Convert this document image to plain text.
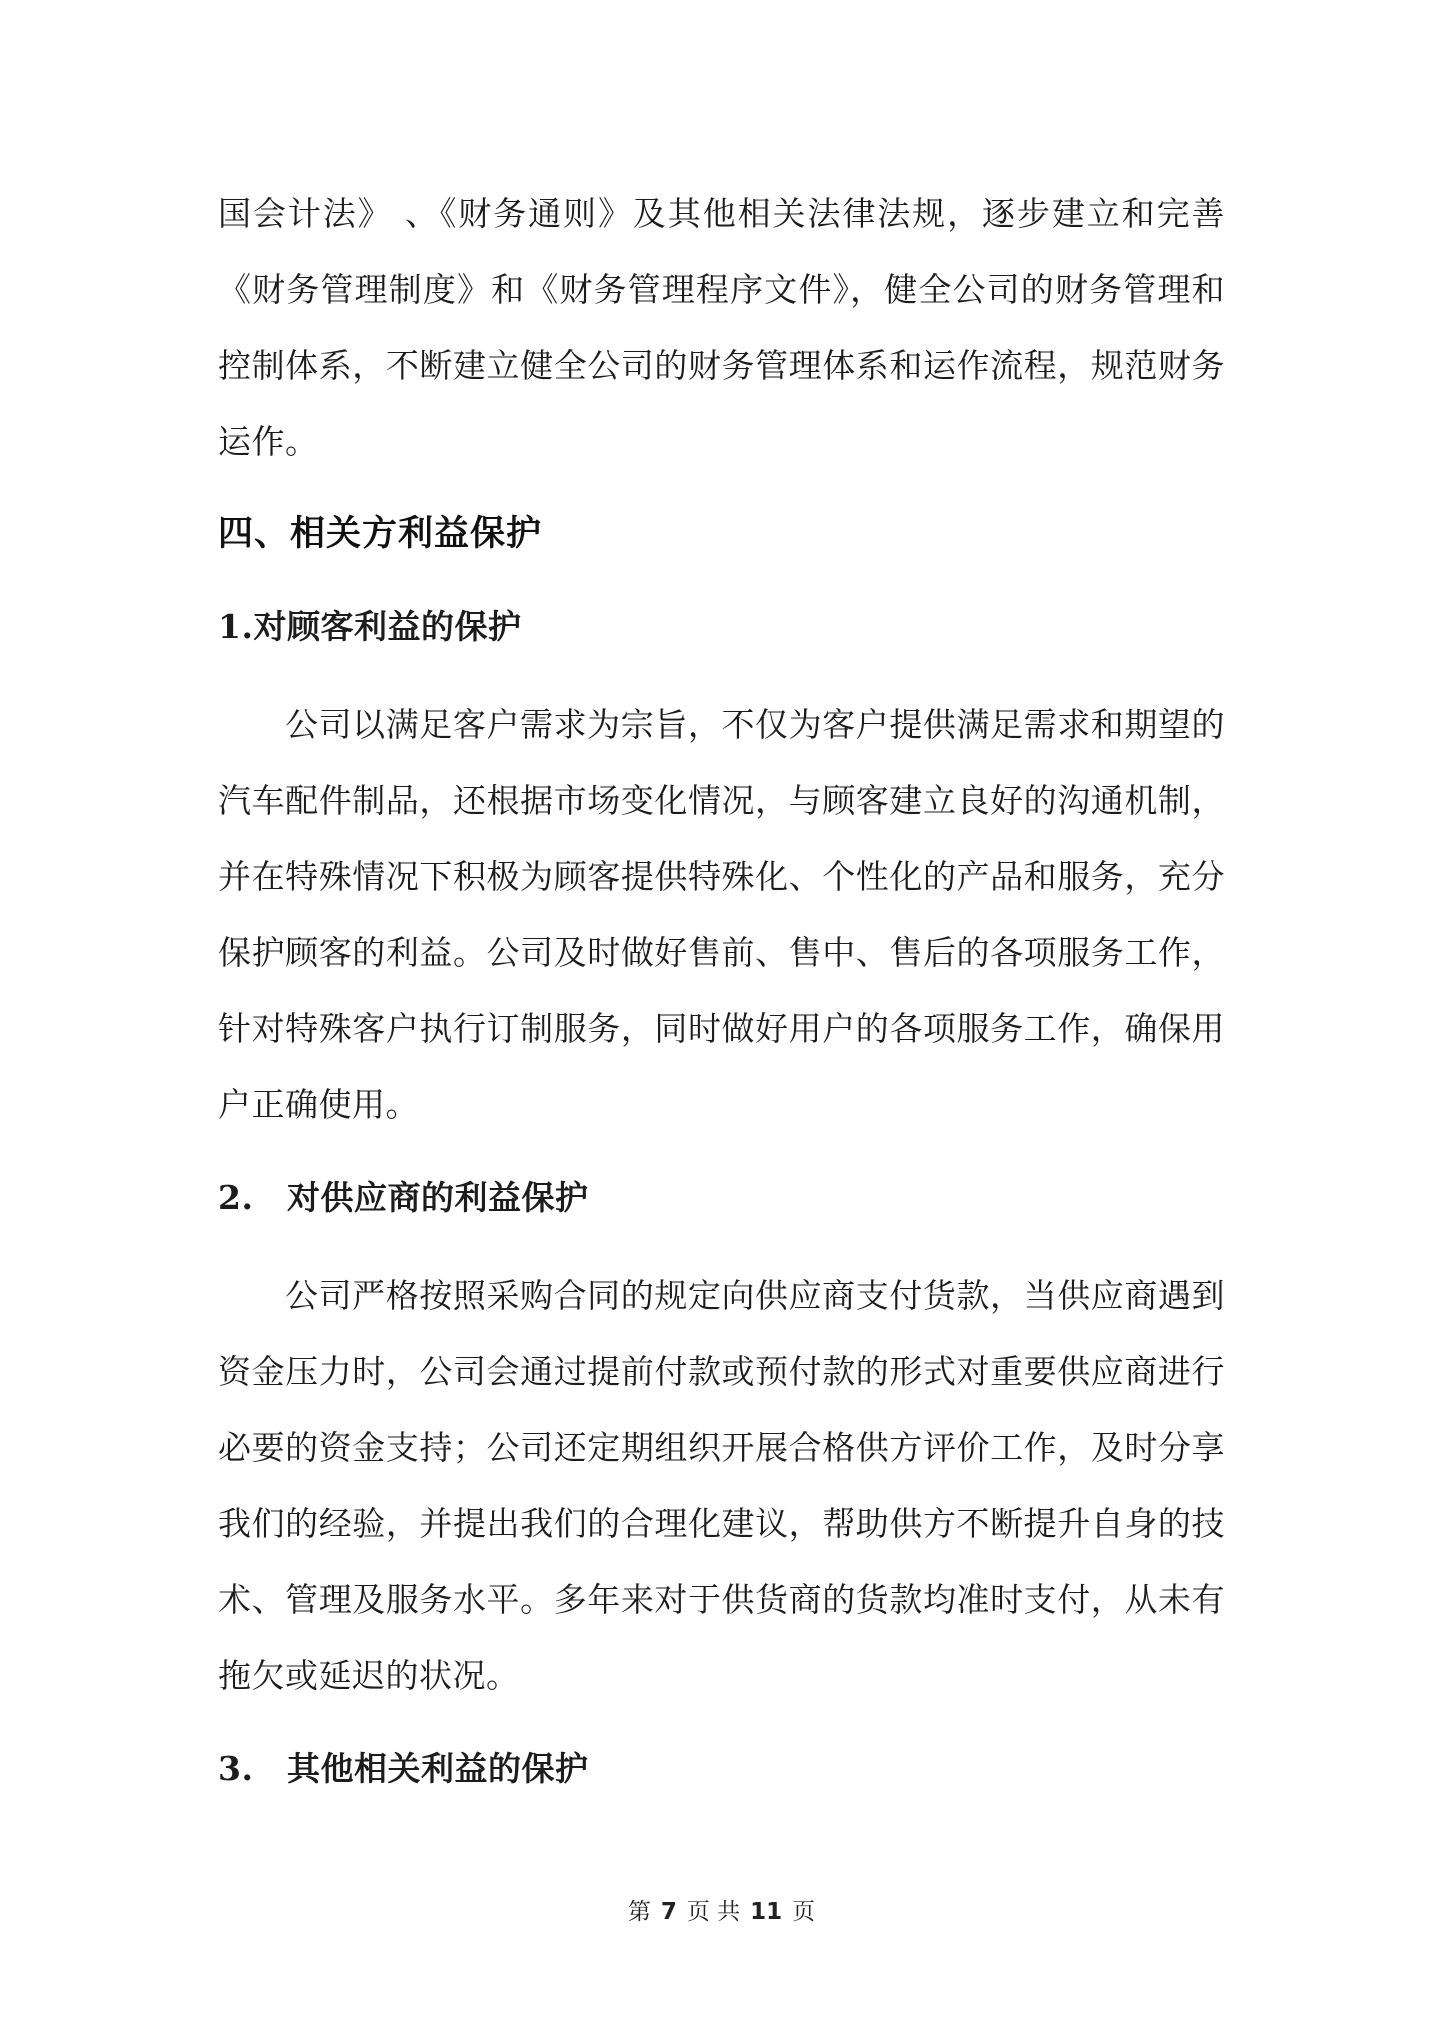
国会计法》 、《财务通则》及其他相关法律法规，逐步建立和完善

《财务管理制度》和《财务管理程序文件》，健全公司的财务管理和

控制体系，不断建立健全公司的财务管理体系和运作流程，规范财务

运作。

四、相关方利益保护
1.对顾客利益的保护

公司以满足客户需求为宗旨，不仅为客户提供满足需求和期望的

汽车配件制品，还根据市场变化情况，与顾客建立良好的沟通机制，

并在特殊情况下积极为顾客提供特殊化、个性化的产品和服务，充分

保护顾客的利益。公司及时做好售前、售中、售后的各项服务工作，

针对特殊客户执行订制服务，同时做好用户的各项服务工作，确保用

户正确使用。

2.　对供应商的利益保护

公司严格按照采购合同的规定向供应商支付货款，当供应商遇到

资金压力时，公司会通过提前付款或预付款的形式对重要供应商进行

必要的资金支持；公司还定期组织开展合格供方评价工作，及时分享

我们的经验，并提出我们的合理化建议，帮助供方不断提升自身的技

术、管理及服务水平。多年来对于供货商的货款均准时支付，从未有

拖欠或延迟的状况。

3.　其他相关利益的保护
第 7 页 共 11 页
